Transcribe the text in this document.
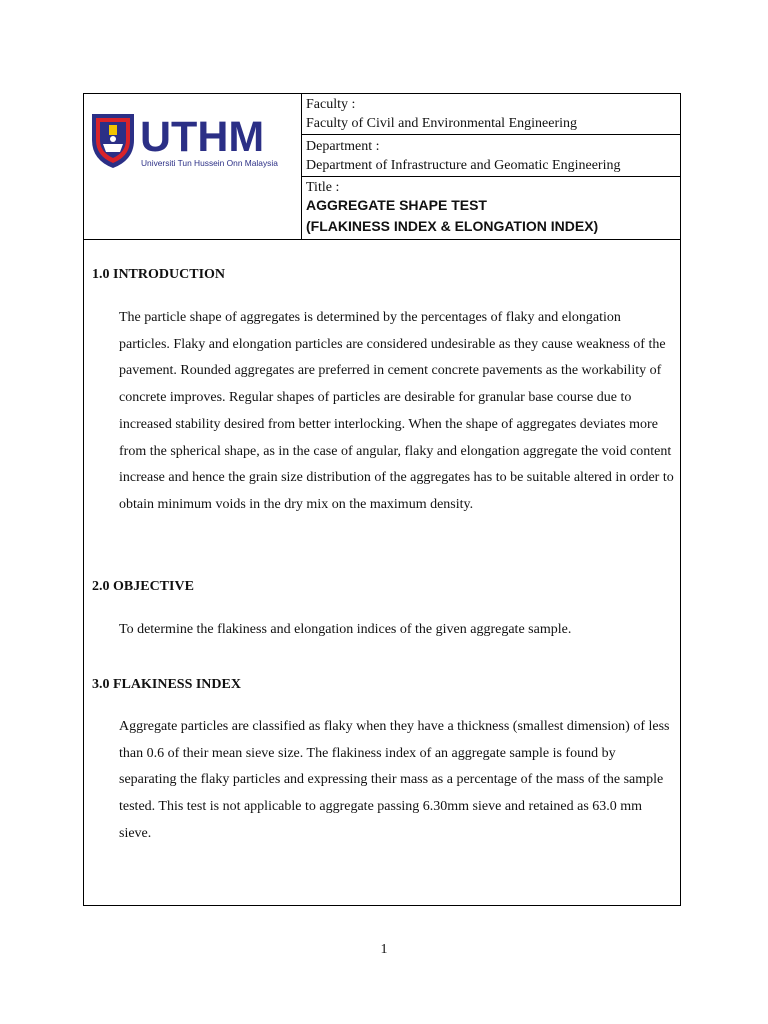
UTHM
Universiti Tun Hussein Onn Malaysia
Faculty :
Faculty of Civil and Environmental Engineering
Department :
Department of Infrastructure and Geomatic Engineering
Title :
AGGREGATE SHAPE TEST
(FLAKINESS INDEX & ELONGATION INDEX)
1.0 INTRODUCTION
The particle shape of aggregates is determined by the percentages of flaky and elongation particles. Flaky and elongation particles are considered undesirable as they cause weakness of the pavement. Rounded aggregates are preferred in cement concrete pavements as the workability of concrete improves. Regular shapes of particles are desirable for granular base course due to increased stability desired from better interlocking. When the shape of aggregates deviates more from the spherical shape, as in the case of angular, flaky and elongation aggregate the void content increase and hence the grain size distribution of the aggregates has to be suitable altered in order to obtain minimum voids in the dry mix on the maximum density.
2.0 OBJECTIVE
To determine the flakiness and elongation indices of the given aggregate sample.
3.0 FLAKINESS INDEX
Aggregate particles are classified as flaky when they have a thickness (smallest dimension) of less than 0.6 of their mean sieve size. The flakiness index of an aggregate sample is found by separating the flaky particles and expressing their mass as a percentage of the mass of the sample tested. This test is not applicable to aggregate passing 6.30mm sieve and retained as 63.0 mm sieve.
1
